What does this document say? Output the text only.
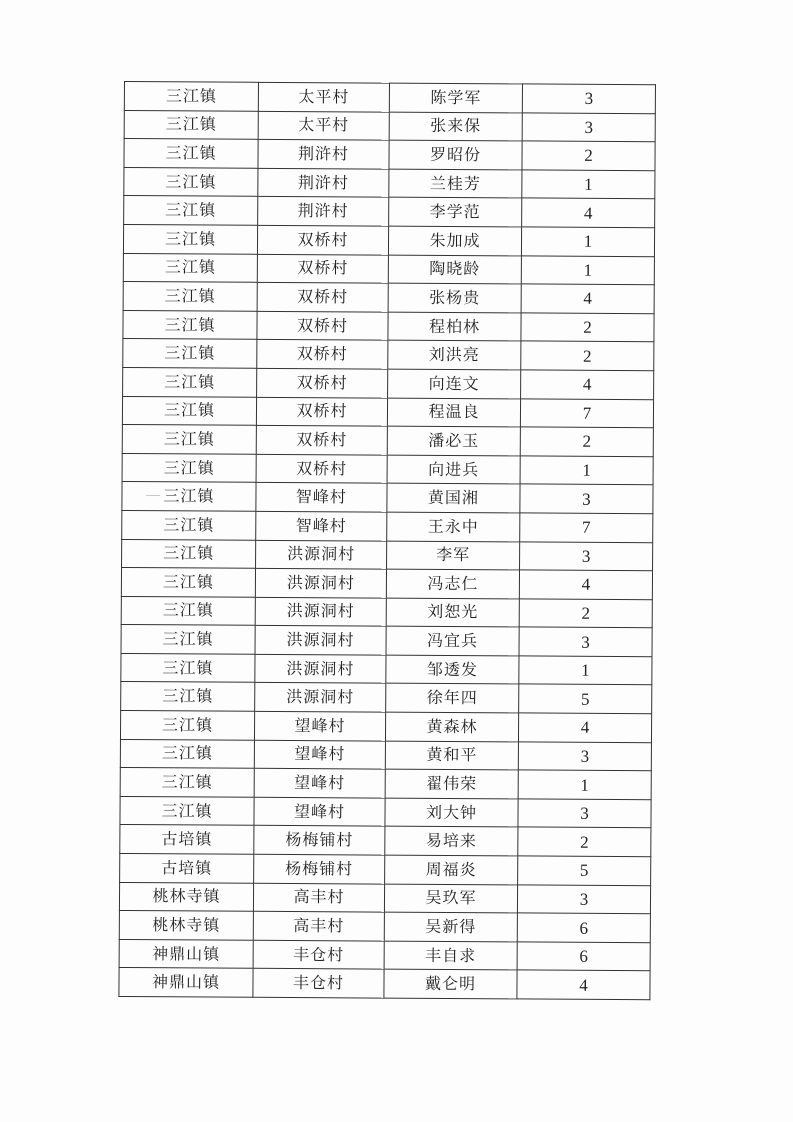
三江镇	太平村	陈学军	3
三江镇	太平村	张来保	3
三江镇	荆浒村	罗昭份	2
三江镇	荆浒村	兰桂芳	1
三江镇	荆浒村	李学范	4
三江镇	双桥村	朱加成	1
三江镇	双桥村	陶晓龄	1
三江镇	双桥村	张杨贵	4
三江镇	双桥村	程柏林	2
三江镇	双桥村	刘洪亮	2
三江镇	双桥村	向连文	4
三江镇	双桥村	程温良	7
三江镇	双桥村	潘必玉	2
三江镇	双桥村	向进兵	1
三江镇	智峰村	黄国湘	3
三江镇	智峰村	王永中	7
三江镇	洪源洞村	李军	3
三江镇	洪源洞村	冯志仁	4
三江镇	洪源洞村	刘恕光	2
三江镇	洪源洞村	冯宜兵	3
三江镇	洪源洞村	邹透发	1
三江镇	洪源洞村	徐年四	5
三江镇	望峰村	黄森林	4
三江镇	望峰村	黄和平	3
三江镇	望峰村	翟伟荣	1
三江镇	望峰村	刘大钟	3
古培镇	杨梅铺村	易培来	2
古培镇	杨梅铺村	周福炎	5
桃林寺镇	高丰村	吴玖军	3
桃林寺镇	高丰村	吴新得	6
神鼎山镇	丰仓村	丰自求	6
神鼎山镇	丰仓村	戴仑明	4
